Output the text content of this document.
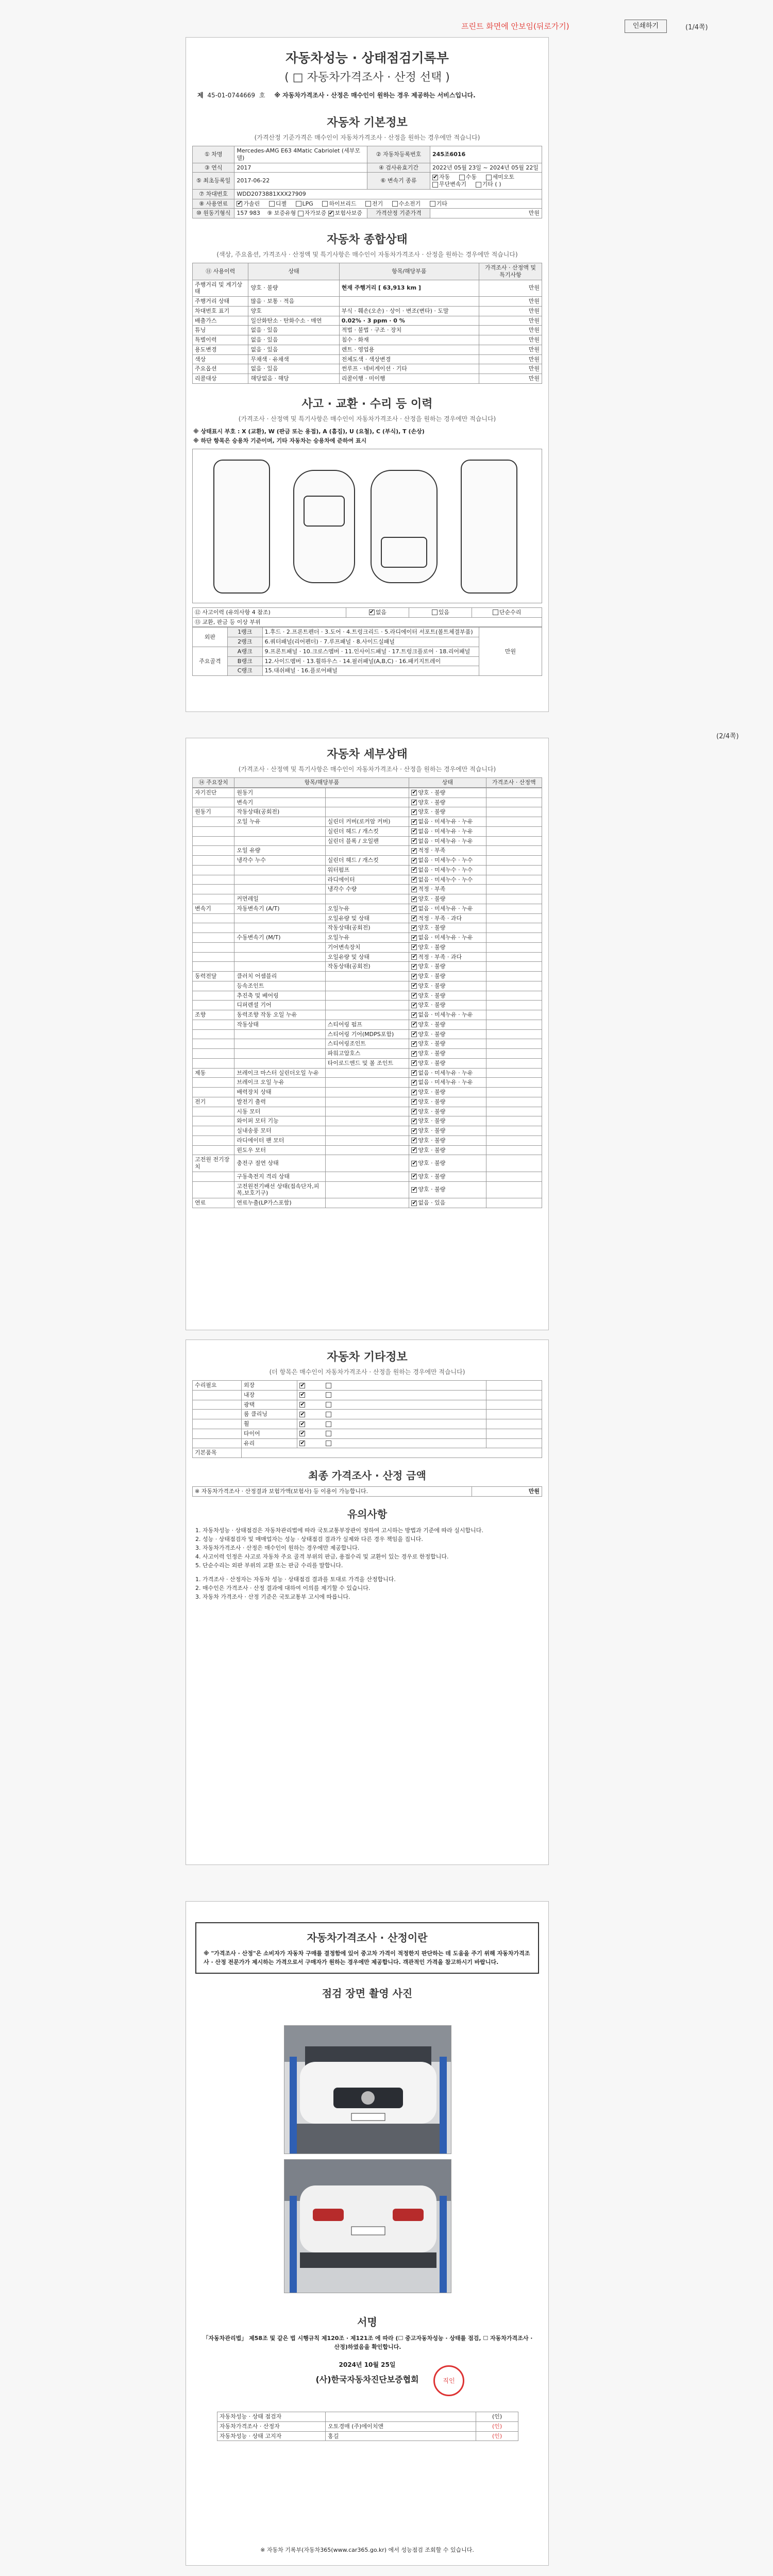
프린트 화면에 안보임(뒤로가기)	인쇄하기	(1/4쪽)
자동차성능 · 상태점검기록부
( □ 자동차가격조사 · 산정 선택 )
제 45-01-0744669 호 ※ 자동차가격조사 · 산정은 매수인이 원하는 경우 제공하는 서비스입니다.
자동차 기본정보
(가격산정 기준가격은 매수인이 자동차가격조사 · 산정을 원하는 경우에만 적습니다)
① 차명	Mercedes-AMG E63 4Matic Cabriolet (세부모델)	② 자동차등록번호	245조6016
③ 연식	2017	④ 검사유효기간	2022년 05월 23일 ~ 2024년 05월 22일
⑤ 최초등록일	2017-06-22	⑥ 변속기 종류	✔자동 수동 세미오토 무단변속기 기타 ( )
⑦ 차대번호	WDD2073881XXX27909		
⑧ 사용연료	✔가솔린 디젤 LPG 하이브리드 전기 수소전기 기타
⑩ 원동기형식	157 983 ⑨ 보증유형 자가보증 ✔ 보험사보증	가격산정 기준가격	만원
자동차 종합상태
(색상, 주요옵션, 가격조사 · 산정액 및 특기사항은 매수인이 자동차가격조사 · 산정을 원하는 경우에만 적습니다)
⑪ 사용이력	상태	항목/해당부품	가격조사 · 산정액 및 특기사항
주행거리 및 계기상태	양호 · 불량	현재 주행거리 [ 63,913 km ]	만원
주행거리 상태	많음 · 보통 · 적음		만원
차대번호 표기	양호	부식 · 훼손(오손) · 상이 · 변조(변타) · 도말	만원
배출가스	일산화탄소 · 탄화수소 · 매연	0.02% · 3 ppm · 0 %	만원
튜닝	없음 · 있음	적법 · 불법 · 구조 · 장치	만원
특별이력	없음 · 있음	침수 · 화재	만원
용도변경	없음 · 있음	렌트 · 영업용	만원
색상	무채색 · 유채색	전체도색 · 색상변경	만원
주요옵션	없음 · 있음	썬루프 · 네비게이션 · 기타	만원
리콜대상	해당없음 · 해당	리콜이행 · 미이행	만원
사고 · 교환 · 수리 등 이력
(가격조사 · 산정액 및 특기사항은 매수인이 자동차가격조사 · 산정을 원하는 경우에만 적습니다)
※ 상태표시 부호 : X (교환), W (판금 또는 용접), A (흠집), U (요철), C (부식), T (손상)
※ 하단 항목은 승용차 기준이며, 기타 자동차는 승용차에 준하여 표시
⑫ 사고이력 (유의사항 4 참조)	✔없음	있음	단순수리
⑬ 교환, 판금 등 이상 부위
외판	1랭크	1.후드 · 2.프론트펜더 · 3.도어 · 4.트렁크리드 · 5.라디에이터 서포트(볼트체결부품)	만원
	2랭크	6.쿼터패널(리어펜더) · 7.루프패널 · 8.사이드실패널	
주요골격	A랭크	9.프론트패널 · 10.크로스멤버 · 11.인사이드패널 · 17.트렁크플로어 · 18.리어패널	
	B랭크	12.사이드멤버 · 13.휠하우스 · 14.필러패널(A,B,C) · 16.패키지트레이	
	C랭크	15.대쉬패널 · 16.플로어패널	
(2/4쪽)
자동차 세부상태
(가격조사 · 산정액 및 특기사항은 매수인이 자동차가격조사 · 산정을 원하는 경우에만 적습니다)
⑭ 주요장치	항목/해당부품	상태	가격조사 · 산정액
자기진단	원동기		✔양호 · 불량	
	변속기		✔양호 · 불량	
원동기	작동상태(공회전)		✔양호 · 불량	
	오일 누유	실린더 커버(로커암 커버)	✔없음 · 미세누유 · 누유	
		실린더 헤드 / 개스킷	✔없음 · 미세누유 · 누유	
		실린더 블록 / 오일팬	✔없음 · 미세누유 · 누유	
	오일 유량		✔적정 · 부족	
	냉각수 누수	실린더 헤드 / 개스킷	✔없음 · 미세누수 · 누수	
		워터펌프	✔없음 · 미세누수 · 누수	
		라디에이터	✔없음 · 미세누수 · 누수	
		냉각수 수량	✔적정 · 부족	
	커먼레일		✔양호 · 불량	
변속기	자동변속기 (A/T)	오일누유	✔없음 · 미세누유 · 누유	
		오일유량 및 상태	✔적정 · 부족 · 과다	
		작동상태(공회전)	✔양호 · 불량	
	수동변속기 (M/T)	오일누유	✔없음 · 미세누유 · 누유	
		기어변속장치	✔양호 · 불량	
		오일유량 및 상태	✔적정 · 부족 · 과다	
		작동상태(공회전)	✔양호 · 불량	
동력전달	클러치 어셈블리		✔양호 · 불량	
	등속조인트		✔양호 · 불량	
	추진축 및 베어링		✔양호 · 불량	
	디퍼렌셜 기어		✔양호 · 불량	
조향	동력조향 작동 오일 누유		✔없음 · 미세누유 · 누유	
	작동상태	스티어링 펌프	✔양호 · 불량	
		스티어링 기어(MDPS포함)	✔양호 · 불량	
		스티어링조인트	✔양호 · 불량	
		파워고압호스	✔양호 · 불량	
		타이로드엔드 및 볼 조인트	✔양호 · 불량	
제동	브레이크 마스터 실린더오일 누유		✔없음 · 미세누유 · 누유	
	브레이크 오일 누유		✔없음 · 미세누유 · 누유	
	배력장치 상태		✔양호 · 불량	
전기	발전기 출력		✔양호 · 불량	
	시동 모터		✔양호 · 불량	
	와이퍼 모터 기능		✔양호 · 불량	
	실내송풍 모터		✔양호 · 불량	
	라디에이터 팬 모터		✔양호 · 불량	
	윈도우 모터		✔양호 · 불량	
고전원 전기장치	충전구 절연 상태		✔양호 · 불량	
	구동축전지 격리 상태		✔양호 · 불량	
	고전원전기배선 상태(접속단자,피복,보호기구)		✔양호 · 불량	
연료	연료누출(LP가스포함)		✔없음 · 있음	
자동차 기타정보
(더 항목은 매수인이 자동차가격조사 · 산정을 원하는 경우에만 적습니다)
수리필요	외장	✔	
	내장	✔	
	광택	✔	
	룸 클리닝	✔	
	휠	✔	
	타이어	✔	
	유리	✔	
기본품목			
최종 가격조사 · 산정 금액
※ 자동차가격조사 · 산정결과 보험가액(보험사) 등 이용이 가능합니다.	만원
유의사항
1. 자동차성능 · 상태점검은 자동차관리법에 따라 국토교통부장관이 정하여 고시하는 방법과 기준에 따라 실시합니다.
2. 성능 · 상태점검자 및 매매업자는 성능 · 상태점검 결과가 실제와 다른 경우 책임을 집니다.
3. 자동차가격조사 · 산정은 매수인이 원하는 경우에만 제공합니다.
4. 사고이력 인정은 사고로 자동차 주요 골격 부위의 판금, 용접수리 및 교환이 있는 경우로 한정합니다.
5. 단순수리는 외판 부위의 교환 또는 판금 수리를 말합니다.
1. 가격조사 · 산정자는 자동차 성능 · 상태점검 결과를 토대로 가격을 산정합니다.
2. 매수인은 가격조사 · 산정 결과에 대하여 이의를 제기할 수 있습니다.
3. 자동차 가격조사 · 산정 기준은 국토교통부 고시에 따릅니다.
자동차가격조사 · 산정이란
※ "가격조사 · 산정"은 소비자가 자동차 구매를 결정함에 있어 중고차 가격이 적정한지 판단하는 데 도움을 주기 위해 자동차가격조사 · 산정 전문가가 제시하는 가격으로서 구매자가 원하는 경우에만 제공합니다. 객관적인 가격을 참고하시기 바랍니다.
점검 장면 촬영 사진
서명
「자동차관리법」 제58조 및 같은 법 시행규칙 제120조 · 제121조 에 따라 (☐ 중고자동차성능 · 상태를 점검, ☐ 자동차가격조사 · 산정)하였음을 확인합니다.
2024년 10월 25일
(사)한국자동차진단보증협회	직인
자동차성능 · 상태 점검자		(인)
자동차가격조사 · 산정자	오토경매 (주)에이치앤	(인)
자동차성능 · 상태 고지자	홍길	(인)
※ 자동차 기록부(자동차365(www.car365.go.kr) 에서 성능점검 조회할 수 있습니다.
